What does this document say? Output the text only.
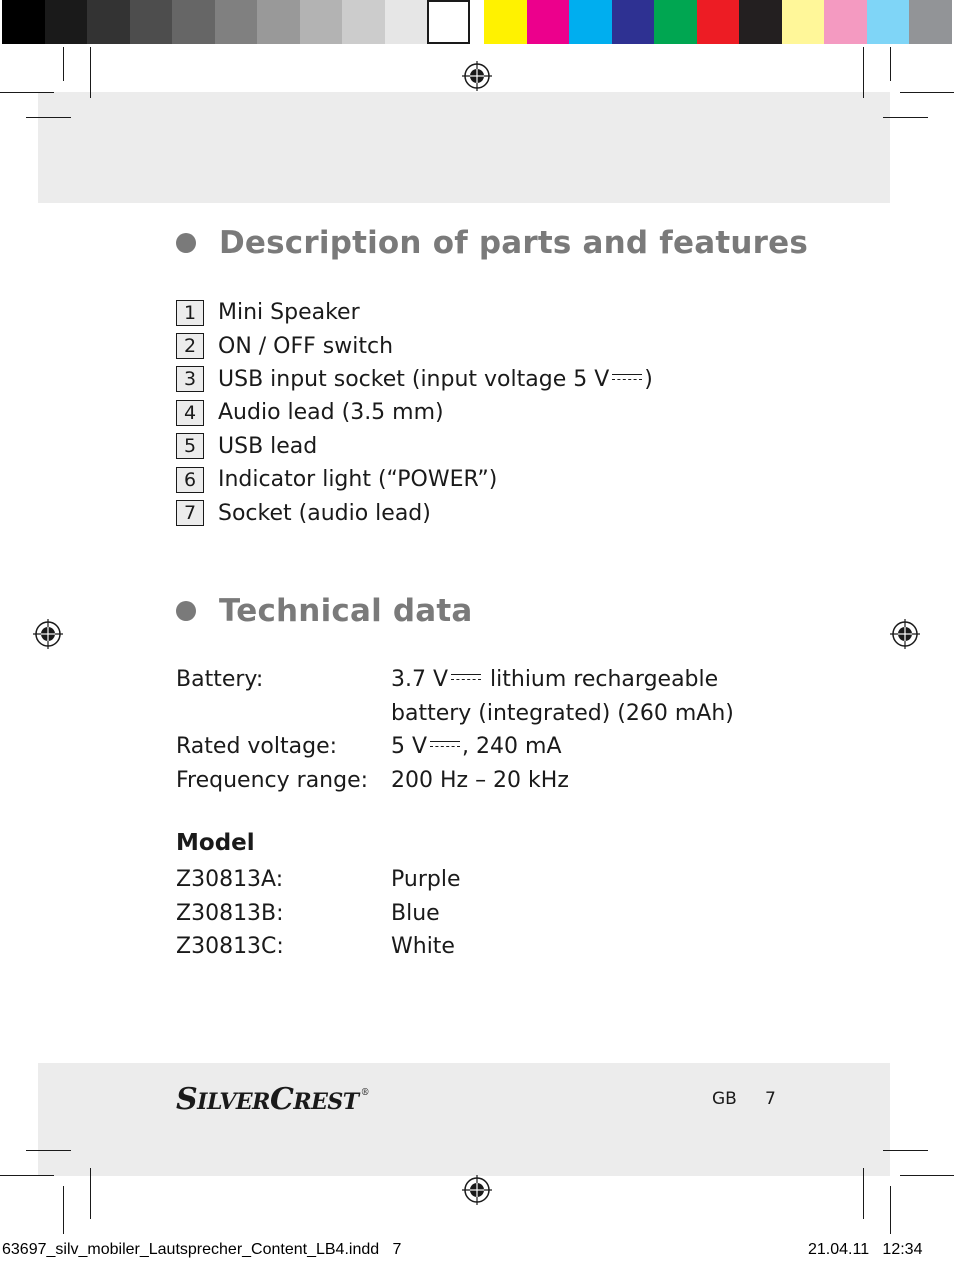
Description of parts and features
1 Mini Speaker
2 ON / OFF switch
3 USB input socket (input voltage 5 V )
4 Audio lead (3.5 mm)
5 USB lead
6 Indicator light (“POWER”)
7 Socket (audio lead)
Technical data
Battery:	3.7 V lithium rechargeable
battery (integrated) (260 mAh)
Rated voltage:	5 V , 240 mA
Frequency range:	200 Hz – 20 kHz
Model
Z30813A:	Purple
Z30813B:	Blue
Z30813C:	White
SILVERCREST ®	GB 7
63697_silv_mobiler_Lautsprecher_Content_LB4.indd   7	21.04.11   12:34
